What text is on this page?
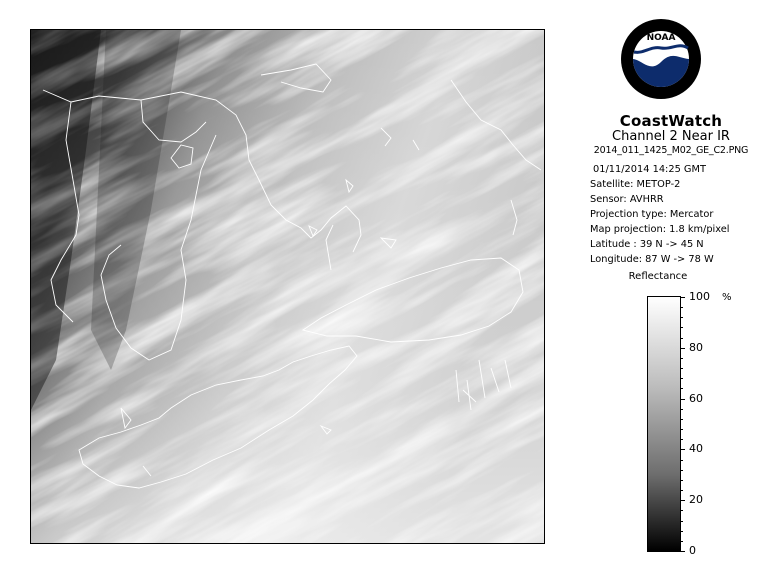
NOAA
CoastWatch
Channel 2 Near IR
2014_011_1425_M02_GE_C2.PNG
01/11/2014 14:25 GMT
Satellite: METOP-2
Sensor: AVHRR
Projection type: Mercator
Map projection: 1.8 km/pixel
Latitude : 39 N -> 45 N
Longitude: 87 W -> 78 W
Reflectance
%
100
80
60
40
20
0
